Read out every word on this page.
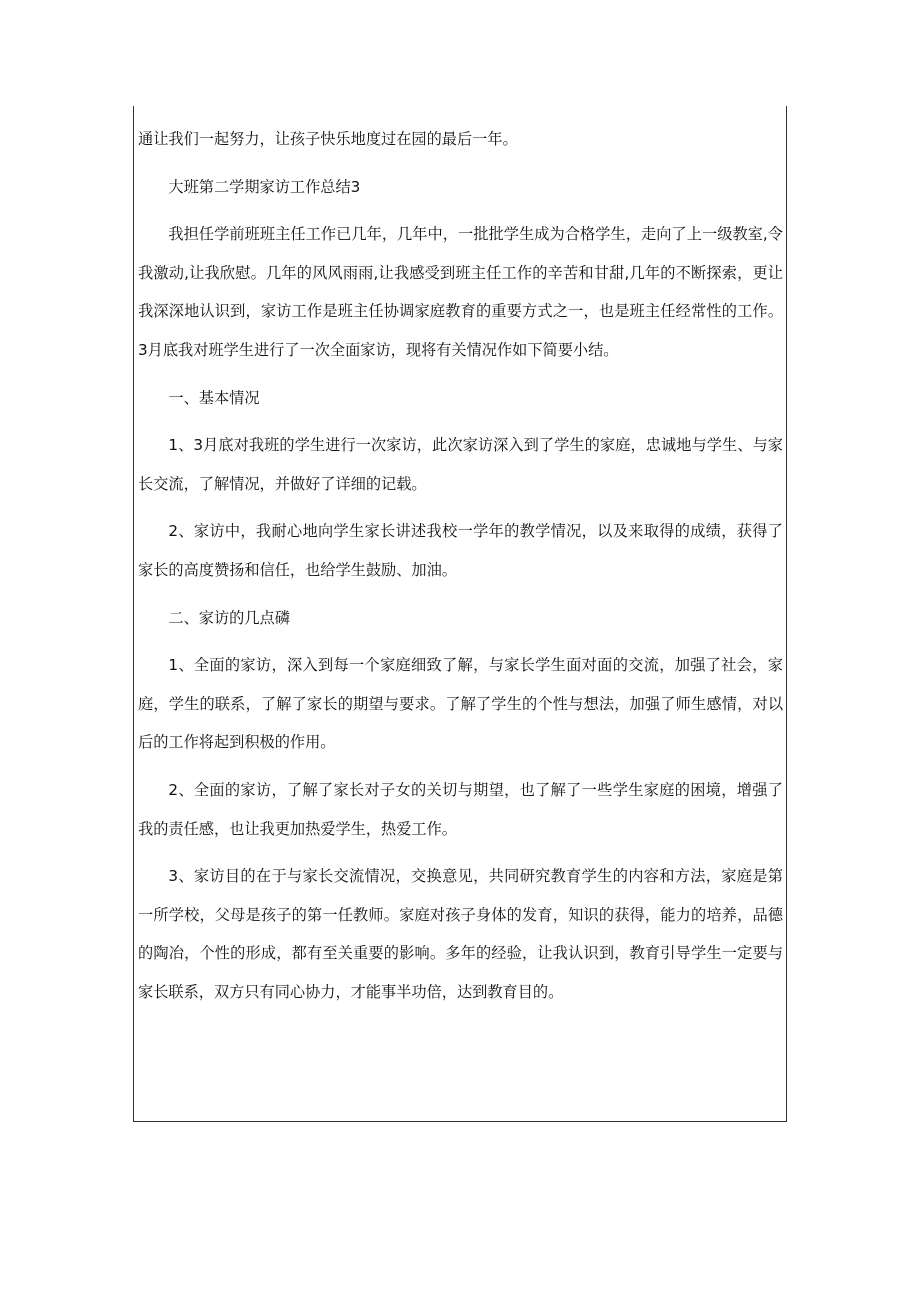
通让我们一起努力，让孩子快乐地度过在园的最后一年。

大班第二学期家访工作总结3

我担任学前班班主任工作已几年，几年中，一批批学生成为合格学生，走向了上一级教室,令我激动,让我欣慰。几年的风风雨雨,让我感受到班主任工作的辛苦和甘甜,几年的不断探索，更让我深深地认识到，家访工作是班主任协调家庭教育的重要方式之一，也是班主任经常性的工作。3月底我对班学生进行了一次全面家访，现将有关情况作如下简要小结。

一、基本情况

1、3月底对我班的学生进行一次家访，此次家访深入到了学生的家庭，忠诚地与学生、与家长交流，了解情况，并做好了详细的记载。

2、家访中，我耐心地向学生家长讲述我校一学年的教学情况，以及来取得的成绩，获得了家长的高度赞扬和信任，也给学生鼓励、加油。

二、家访的几点磷

1、全面的家访，深入到每一个家庭细致了解，与家长学生面对面的交流，加强了社会，家庭，学生的联系，了解了家长的期望与要求。了解了学生的个性与想法，加强了师生感情，对以后的工作将起到积极的作用。

2、全面的家访，了解了家长对子女的关切与期望，也了解了一些学生家庭的困境，增强了我的责任感，也让我更加热爱学生，热爱工作。

3、家访目的在于与家长交流情况，交换意见，共同研究教育学生的内容和方法，家庭是第一所学校，父母是孩子的第一任教师。家庭对孩子身体的发育，知识的获得，能力的培养，品德的陶冶，个性的形成，都有至关重要的影响。多年的经验，让我认识到，教育引导学生一定要与家长联系，双方只有同心协力，才能事半功倍，达到教育目的。
